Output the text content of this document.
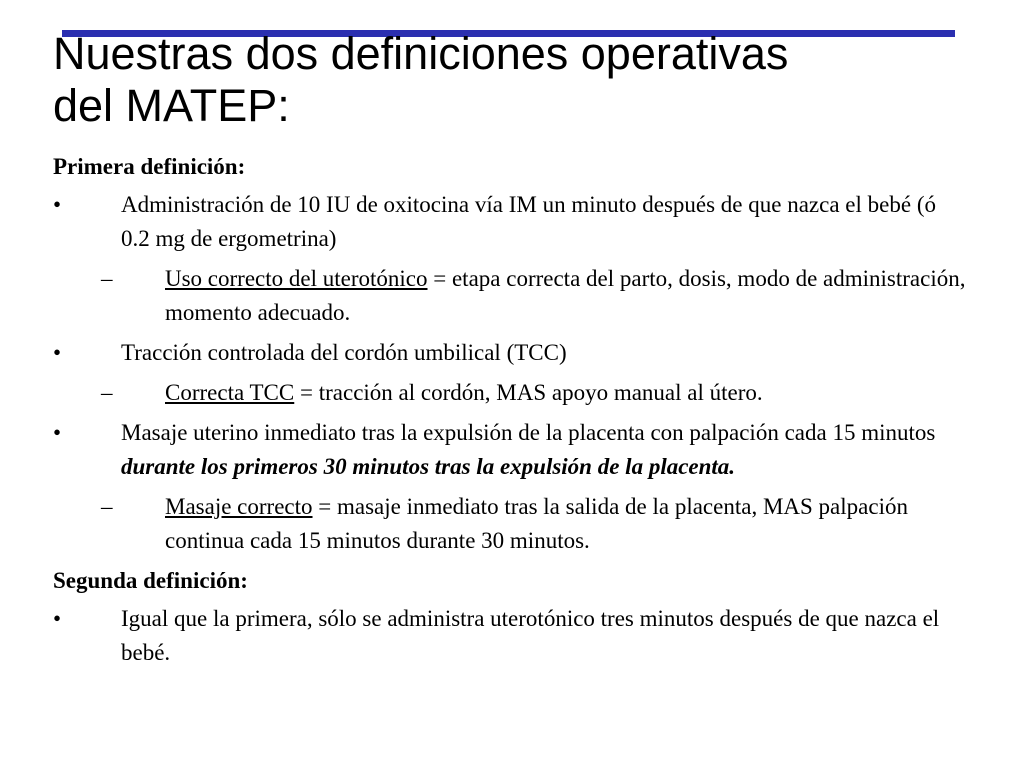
Nuestras dos definiciones operativas
del MATEP:

Primera definición:

•	Administración de 10 IU de oxitocina vía IM un minuto después de que nazca el bebé (ó 0.2 mg de ergometrina)
– Uso correcto del uterotónico = etapa correcta del parto, dosis, modo de administración, momento adecuado.
•	Tracción controlada del cordón umbilical (TCC)
– Correcta TCC = tracción al cordón, MAS apoyo manual al útero.
•	Masaje uterino inmediato tras la expulsión de la placenta con palpación cada 15 minutos durante los primeros 30 minutos tras la expulsión de la placenta.
– Masaje correcto = masaje inmediato tras la salida de la placenta, MAS palpación continua cada 15 minutos durante 30 minutos.

Segunda definición:

•	Igual que la primera, sólo se administra uterotónico tres minutos después de que nazca el bebé.
